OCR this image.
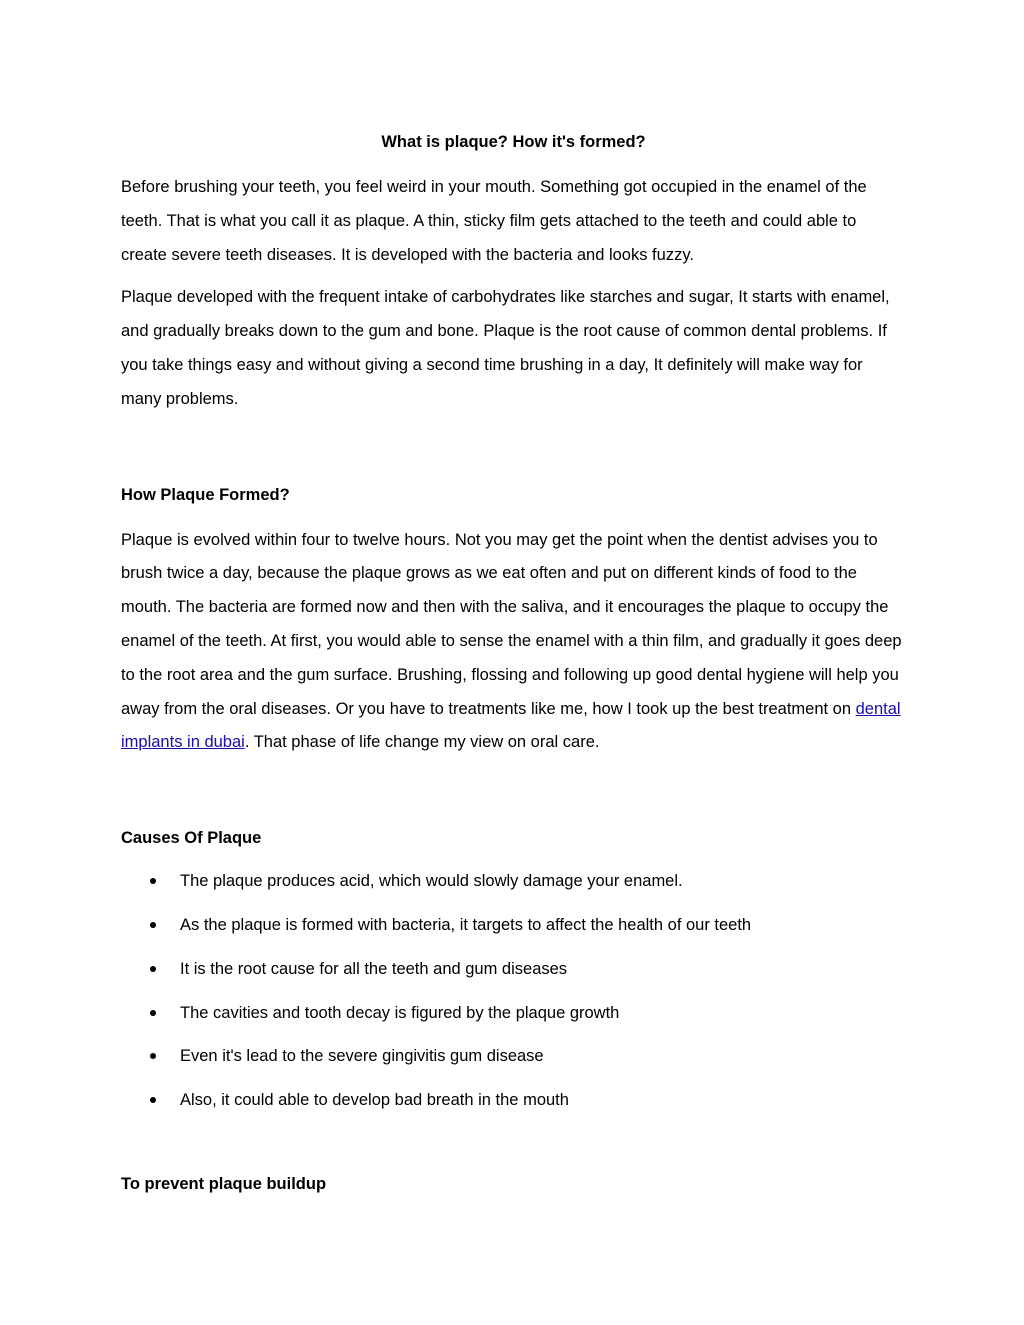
What is plaque? How it's formed?

Before brushing your teeth, you feel weird in your mouth. Something got occupied in the enamel of the teeth. That is what you call it as plaque. A thin, sticky film gets attached to the teeth and could able to create severe teeth diseases. It is developed with the bacteria and looks fuzzy.

Plaque developed with the frequent intake of carbohydrates like starches and sugar, It starts with enamel, and gradually breaks down to the gum and bone. Plaque is the root cause of common dental problems. If you take things easy and without giving a second time brushing in a day, It definitely will make way for many problems.

How Plaque Formed?

Plaque is evolved within four to twelve hours. Not you may get the point when the dentist advises you to brush twice a day, because the plaque grows as we eat often and put on different kinds of food to the mouth. The bacteria are formed now and then with the saliva, and it encourages the plaque to occupy the enamel of the teeth. At first, you would able to sense the enamel with a thin film, and gradually it goes deep to the root area and the gum surface. Brushing, flossing and following up good dental hygiene will help you away from the oral diseases. Or you have to treatments like me, how I took up the best treatment on dental implants in dubai. That phase of life change my view on oral care.

Causes Of Plaque
The plaque produces acid, which would slowly damage your enamel.
As the plaque is formed with bacteria, it targets to affect the health of our teeth
It is the root cause for all the teeth and gum diseases
The cavities and tooth decay is figured by the plaque growth
Even it's lead to the severe gingivitis gum disease
Also, it could able to develop bad breath in the mouth
To prevent plaque buildup
